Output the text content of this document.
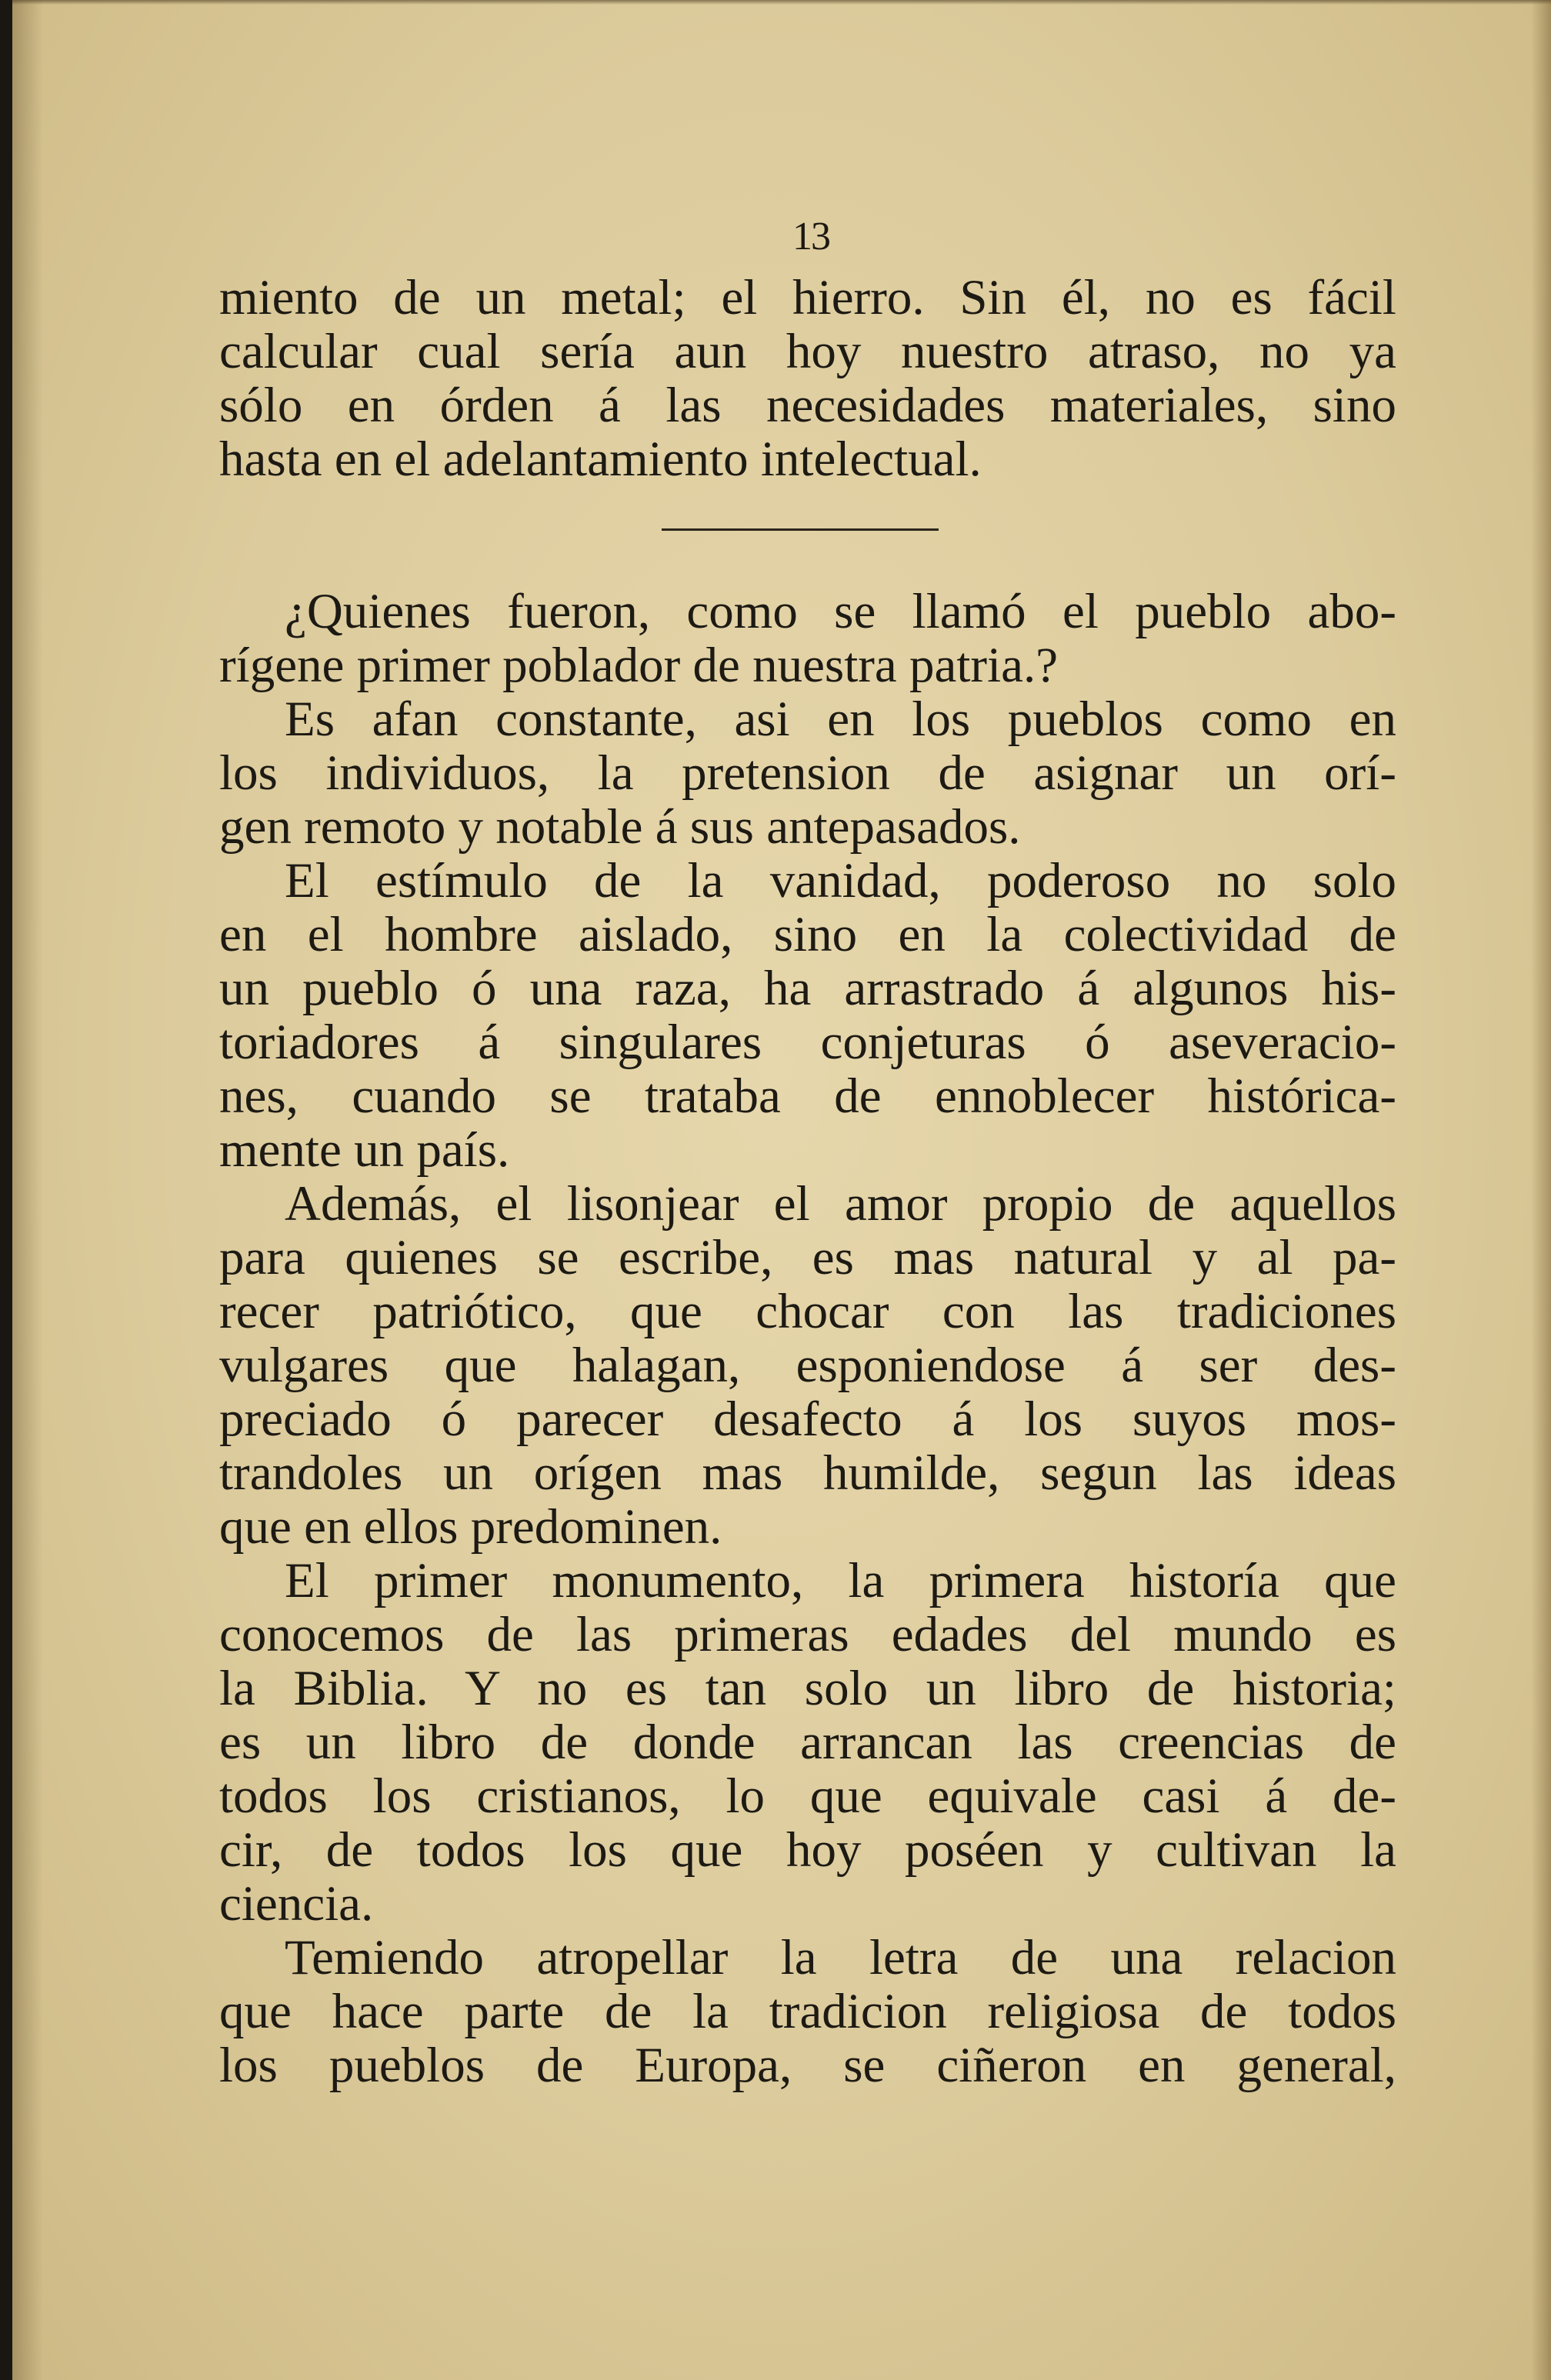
13
miento de un metal; el hierro. Sin él, no es fácil
calcular cual sería aun hoy nuestro atraso, no ya
sólo en órden á las necesidades materiales, sino
hasta en el adelantamiento intelectual.
¿Quienes fueron, como se llamó el pueblo abo-
rígene primer poblador de nuestra patria.?
Es afan constante, asi en los pueblos como en
los individuos, la pretension de asignar un orí-
gen remoto y notable á sus antepasados.
El estímulo de la vanidad, poderoso no solo
en el hombre aislado, sino en la colectividad de
un pueblo ó una raza, ha arrastrado á algunos his-
toriadores á singulares conjeturas ó aseveracio-
nes, cuando se trataba de ennoblecer histórica-
mente un país.
Además, el lisonjear el amor propio de aquellos
para quienes se escribe, es mas natural y al pa-
recer patriótico, que chocar con las tradiciones
vulgares que halagan, esponiendose á ser des-
preciado ó parecer desafecto á los suyos mos-
trandoles un orígen mas humilde, segun las ideas
que en ellos predominen.
El primer monumento, la primera historía que
conocemos de las primeras edades del mundo es
la Biblia. Y no es tan solo un libro de historia;
es un libro de donde arrancan las creencias de
todos los cristianos, lo que equivale casi á de-
cir, de todos los que hoy poséen y cultivan la
ciencia.
Temiendo atropellar la letra de una relacion
que hace parte de la tradicion religiosa de todos
los pueblos de Europa, se ciñeron en general,
